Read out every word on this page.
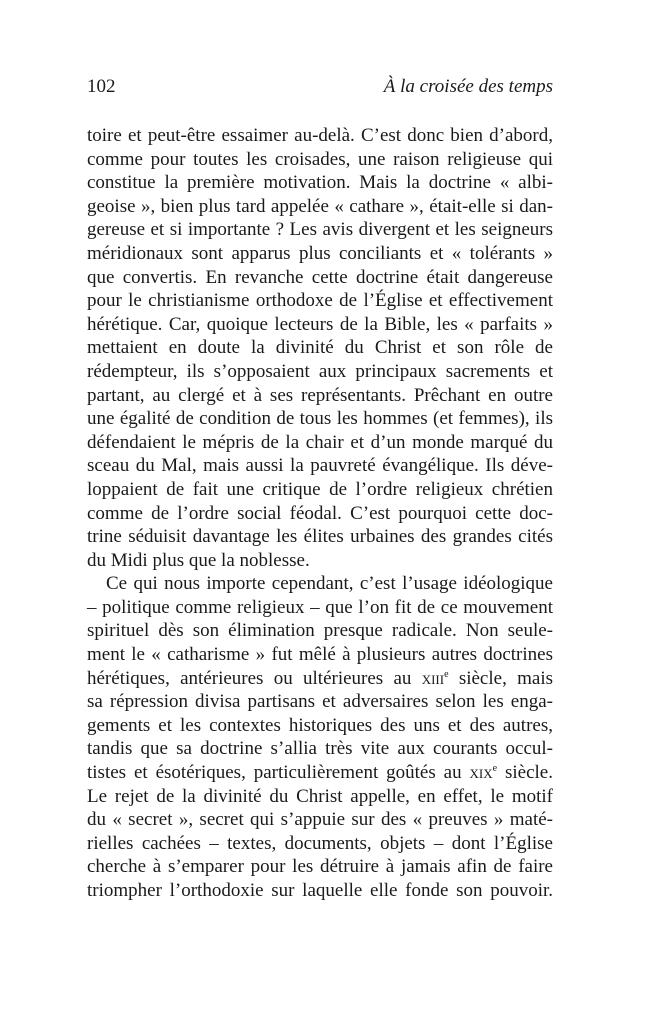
102	À la croisée des temps
toire et peut-être essaimer au-delà. C’est donc bien d’abord,
comme pour toutes les croisades, une raison religieuse qui
constitue la première motivation. Mais la doctrine « albi-
geoise », bien plus tard appelée « cathare », était-elle si dan-
gereuse et si importante ? Les avis divergent et les seigneurs
méridionaux sont apparus plus conciliants et « tolérants »
que convertis. En revanche cette doctrine était dangereuse
pour le christianisme orthodoxe de l’Église et effectivement
hérétique. Car, quoique lecteurs de la Bible, les « parfaits »
mettaient en doute la divinité du Christ et son rôle de
rédempteur, ils s’opposaient aux principaux sacrements et
partant, au clergé et à ses représentants. Prêchant en outre
une égalité de condition de tous les hommes (et femmes), ils
défendaient le mépris de la chair et d’un monde marqué du
sceau du Mal, mais aussi la pauvreté évangélique. Ils déve-
loppaient de fait une critique de l’ordre religieux chrétien
comme de l’ordre social féodal. C’est pourquoi cette doc-
trine séduisit davantage les élites urbaines des grandes cités
du Midi plus que la noblesse.
Ce qui nous importe cependant, c’est l’usage idéologique
– politique comme religieux – que l’on fit de ce mouvement
spirituel dès son élimination presque radicale. Non seule-
ment le « catharisme » fut mêlé à plusieurs autres doctrines
hérétiques, antérieures ou ultérieures au xiii$^e$ siècle, mais
sa répression divisa partisans et adversaires selon les enga-
gements et les contextes historiques des uns et des autres,
tandis que sa doctrine s’allia très vite aux courants occul-
tistes et ésotériques, particulièrement goûtés au xix$^e$ siècle.
Le rejet de la divinité du Christ appelle, en effet, le motif
du « secret », secret qui s’appuie sur des « preuves » maté-
rielles cachées – textes, documents, objets – dont l’Église
cherche à s’emparer pour les détruire à jamais afin de faire
triompher l’orthodoxie sur laquelle elle fonde son pouvoir.
